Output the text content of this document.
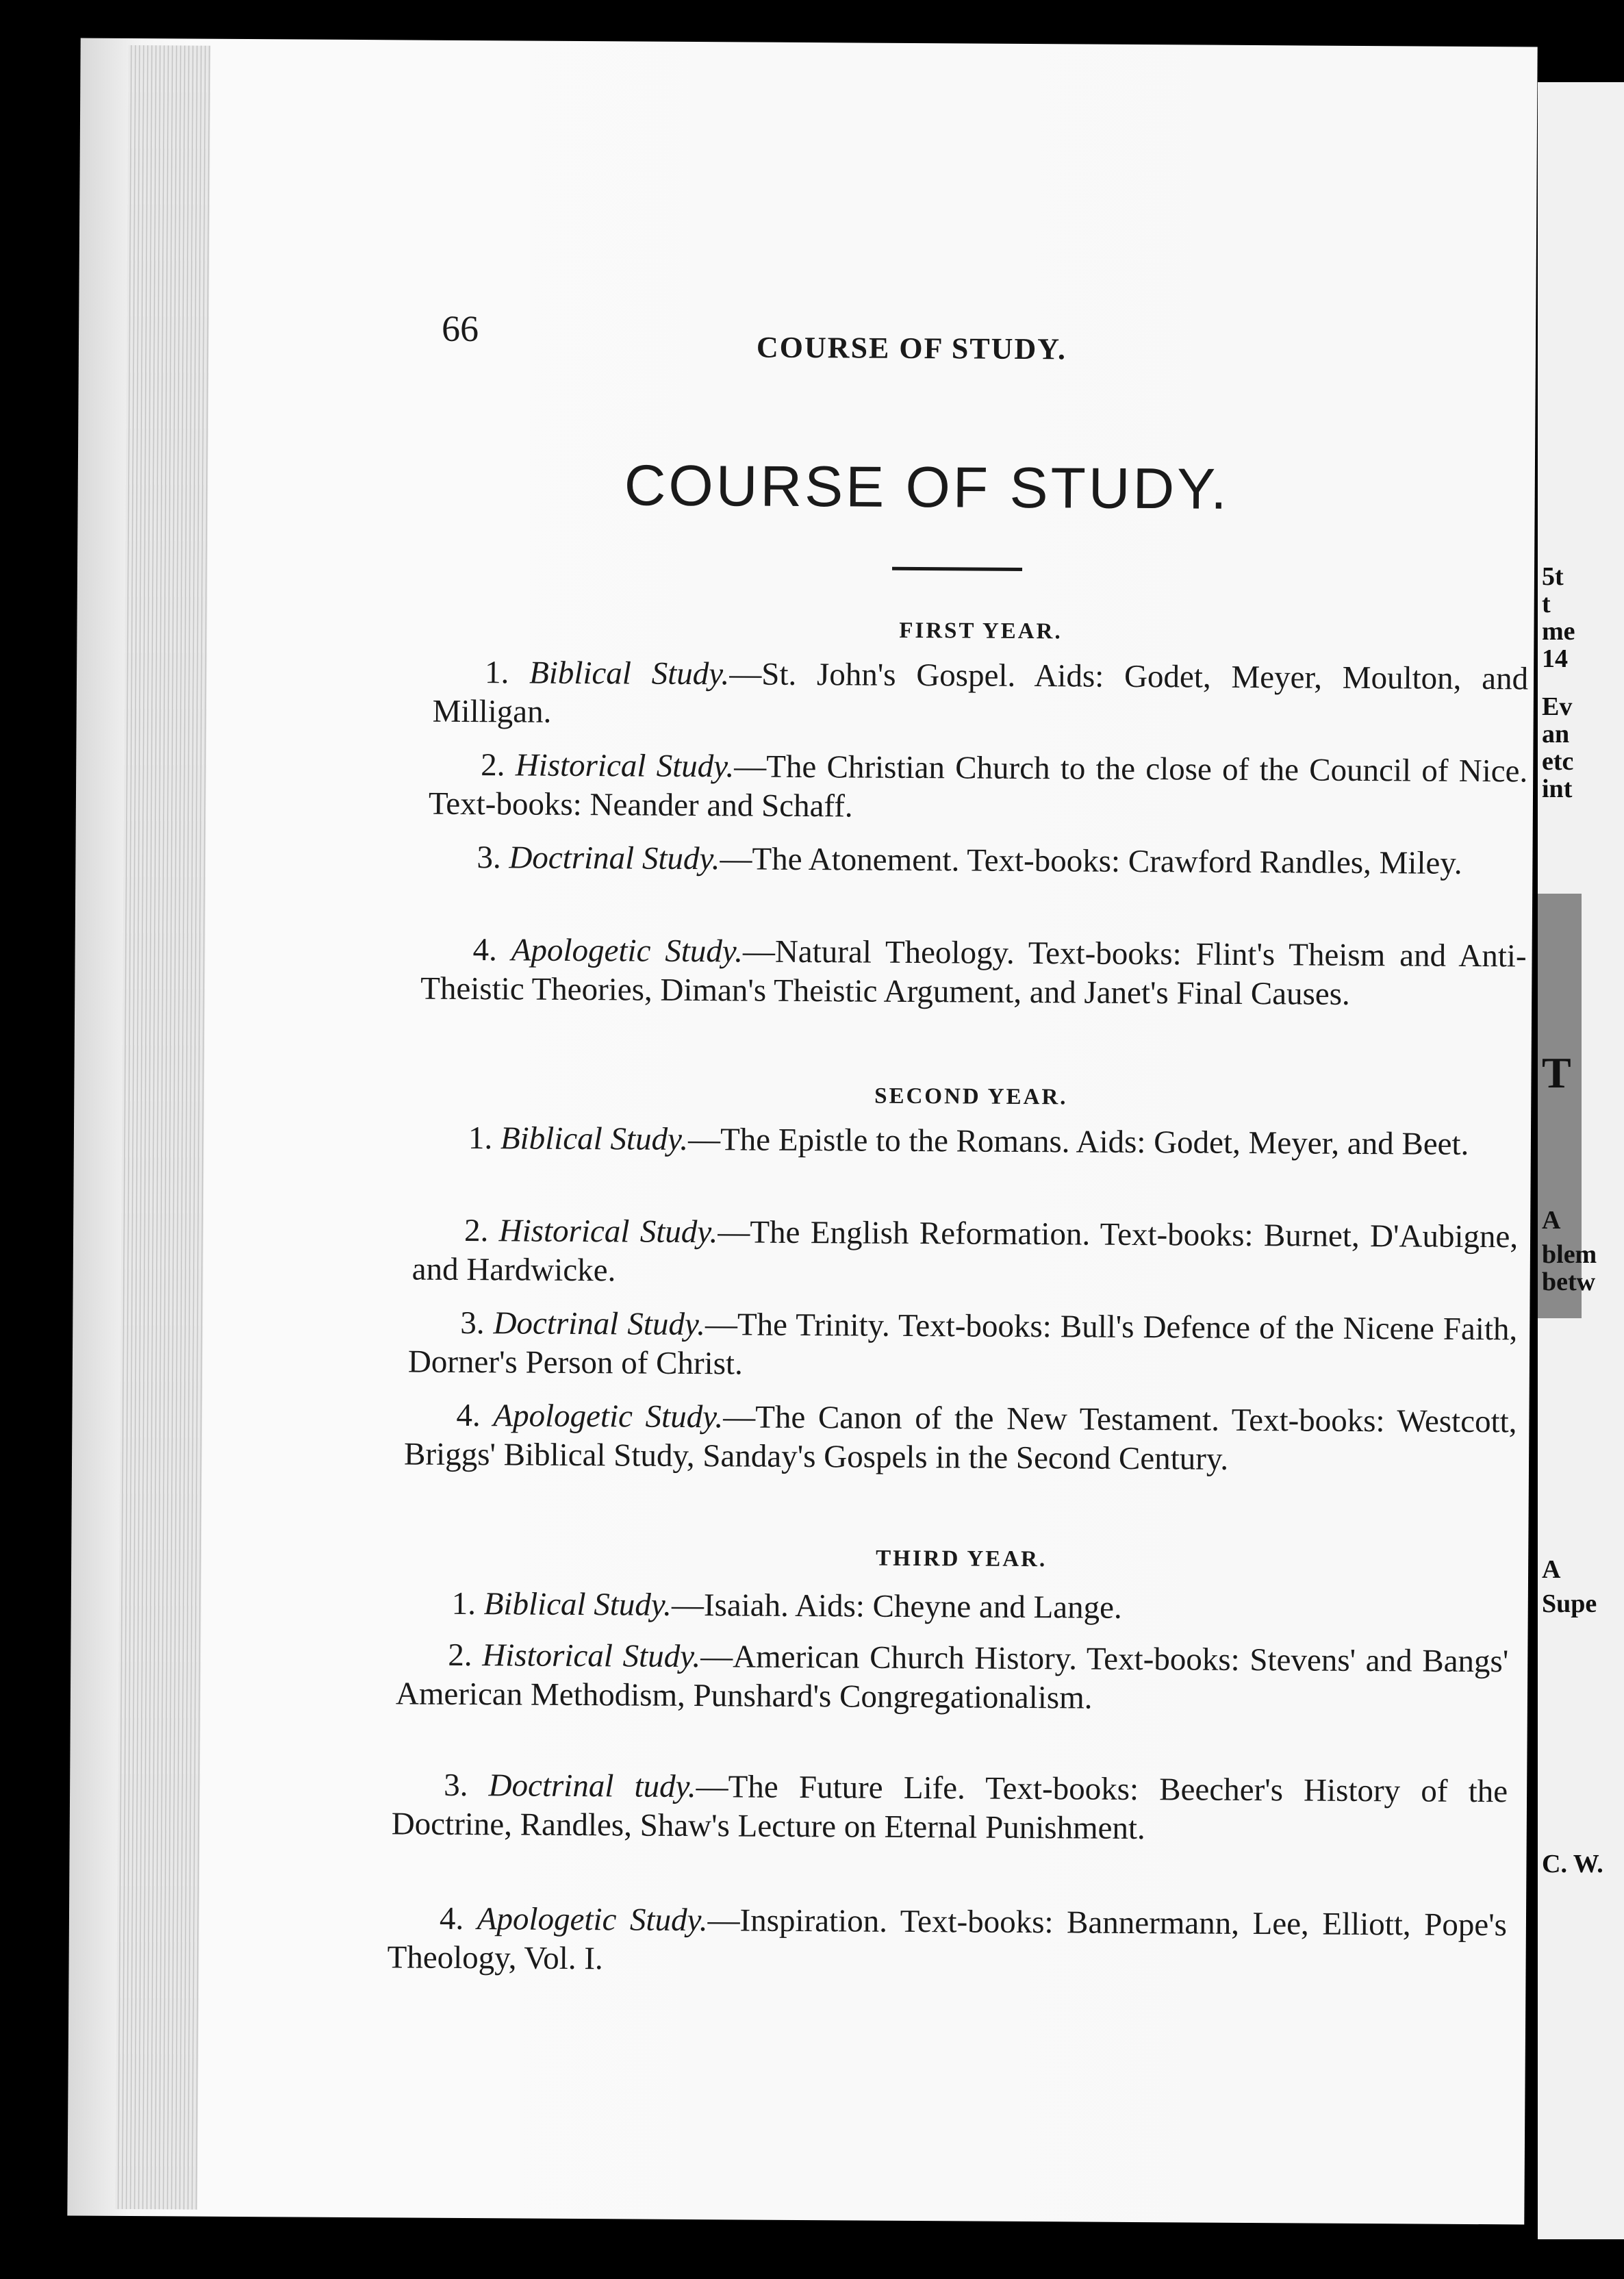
5t
t
me
14
Ev
an
etc
int
T
A
blem
betw
A
Supe
C. W.
66	COURSE OF STUDY.
COURSE OF STUDY.
FIRST YEAR.
1. Biblical Study.—St. John's Gospel. Aids: Godet, Meyer, Moulton, and Milligan.
2. Historical Study.—The Christian Church to the close of the Council of Nice. Text-books: Neander and Schaff.
3. Doctrinal Study.—The Atonement. Text-books: Crawford Randles, Miley.
4. Apologetic Study.—Natural Theology. Text-books: Flint's Theism and Anti-Theistic Theories, Diman's Theistic Argument, and Janet's Final Causes.
SECOND YEAR.
1. Biblical Study.—The Epistle to the Romans. Aids: Godet, Meyer, and Beet.
2. Historical Study.—The English Reformation. Text-books: Burnet, D'Aubigne, and Hardwicke.
3. Doctrinal Study.—The Trinity. Text-books: Bull's Defence of the Nicene Faith, Dorner's Person of Christ.
4. Apologetic Study.—The Canon of the New Testament. Text-books: Westcott, Briggs' Biblical Study, Sanday's Gospels in the Second Century.
THIRD YEAR.
1. Biblical Study.—Isaiah. Aids: Cheyne and Lange.
2. Historical Study.—American Church History. Text-books: Stevens' and Bangs' American Methodism, Punshard's Congregationalism.
3. Doctrinal tudy.—The Future Life. Text-books: Beecher's History of the Doctrine, Randles, Shaw's Lecture on Eternal Punishment.
4. Apologetic Study.—Inspiration. Text-books: Bannermann, Lee, Elliott, Pope's Theology, Vol. I.
